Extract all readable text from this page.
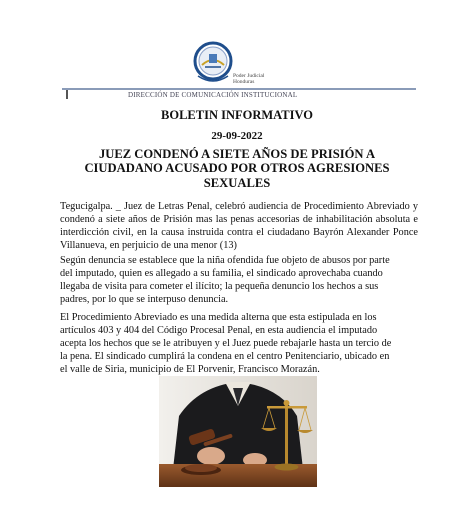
Poder Judicial
Honduras
DIRECCIÓN DE COMUNICACIÓN INSTITUCIONAL
BOLETIN INFORMATIVO
29-09-2022
JUEZ CONDENÓ A SIETE AÑOS DE PRISIÓN A
CIUDADANO ACUSADO POR OTROS AGRESIONES
SEXUALES
Tegucigalpa. _ Juez de Letras Penal, celebró audiencia de Procedimiento Abreviado y condenó a siete años de Prisión mas las penas accesorias de inhabilitación absoluta e interdicción civil, en la causa instruida contra el ciudadano Bayrón Alexander Ponce Villanueva, en perjuicio de una menor (13)
Según denuncia se establece que la niña ofendida fue objeto de abusos por parte
del imputado, quien es allegado a su familia, el sindicado aprovechaba cuando
llegaba de visita para cometer el ilícito; la pequeña denuncio los hechos a sus
padres, por lo que se interpuso denuncia.
El Procedimiento Abreviado es una medida alterna que esta estipulada en los
artículos 403 y 404 del Código Procesal Penal, en esta audiencia el imputado
acepta los hechos que se le atribuyen y el Juez puede rebajarle hasta un tercio de
la pena. El sindicado cumplirá la condena en el centro Penitenciario, ubicado en
el valle de Siria, municipio de El Porvenir, Francisco Morazán.
